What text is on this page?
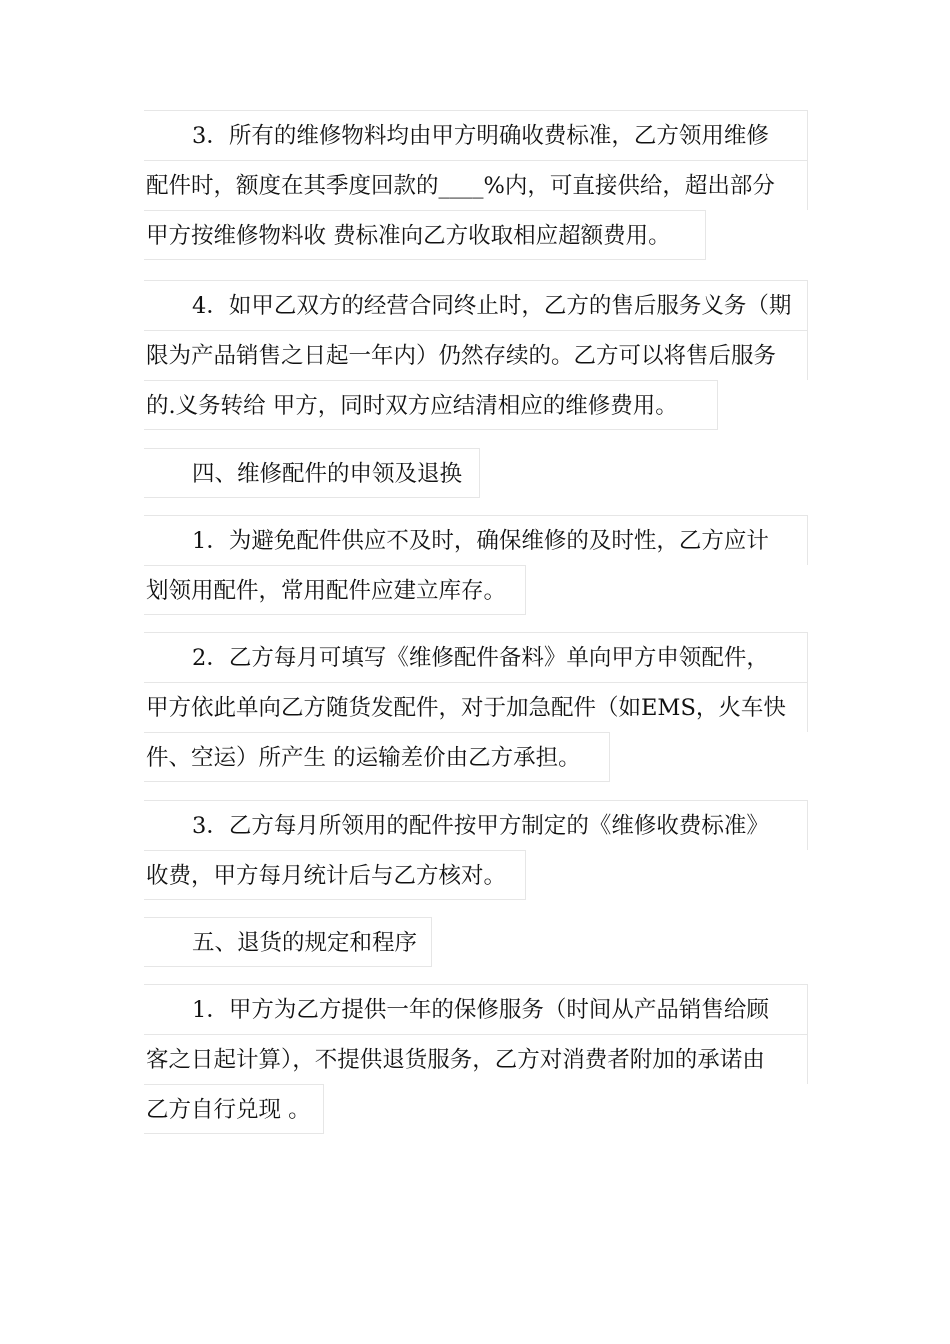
3．所有的维修物料均由甲方明确收费标准，乙方领用维修
配件时，额度在其季度回款的____%内，可直接供给，超出部分
甲方按维修物料收 费标准向乙方收取相应超额费用。
4．如甲乙双方的经营合同终止时，乙方的售后服务义务（期
限为产品销售之日起一年内）仍然存续的。乙方可以将售后服务
的.义务转给 甲方，同时双方应结清相应的维修费用。
四、维修配件的申领及退换
1．为避免配件供应不及时，确保维修的及时性，乙方应计
划领用配件，常用配件应建立库存。
2．乙方每月可填写《维修配件备料》单向甲方申领配件，
甲方依此单向乙方随货发配件，对于加急配件（如EMS，火车快
件、空运）所产生 的运输差价由乙方承担。
3．乙方每月所领用的配件按甲方制定的《维修收费标准》
收费，甲方每月统计后与乙方核对。
五、退货的规定和程序
1．甲方为乙方提供一年的保修服务（时间从产品销售给顾
客之日起计算），不提供退货服务，乙方对消费者附加的承诺由
乙方自行兑现 。
